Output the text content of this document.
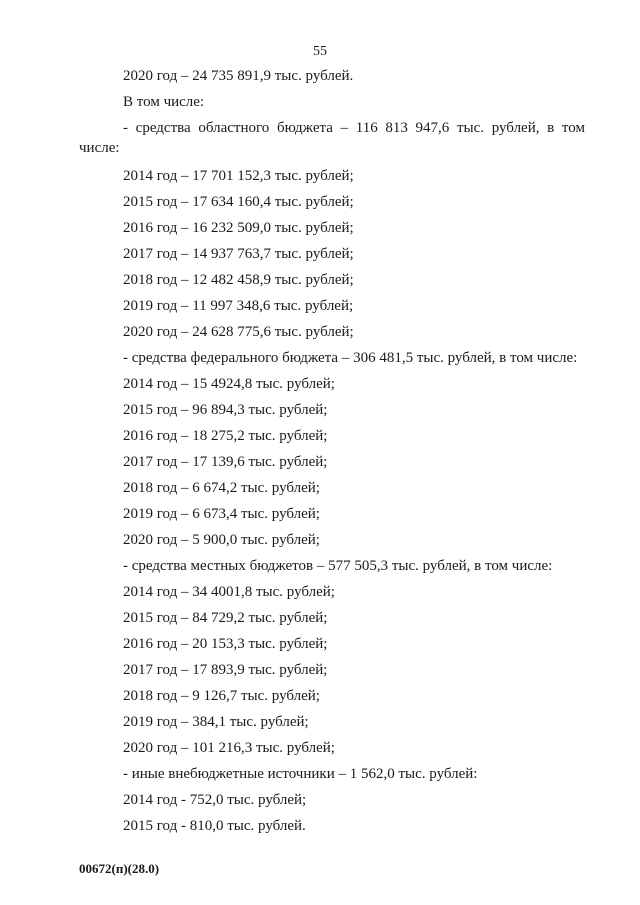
55
2020 год – 24 735 891,9 тыс. рублей.
В том числе:
- средства областного бюджета – 116 813 947,6 тыс. рублей, в том
числе:
2014 год – 17 701 152,3 тыс. рублей;
2015 год – 17 634 160,4 тыс. рублей;
2016 год – 16 232 509,0 тыс. рублей;
2017 год – 14 937 763,7 тыс. рублей;
2018 год – 12 482 458,9 тыс. рублей;
2019 год – 11 997 348,6 тыс. рублей;
2020 год – 24 628 775,6 тыс. рублей;
- средства федерального бюджета – 306 481,5 тыс. рублей, в том числе:
2014 год – 15 4924,8 тыс. рублей;
2015 год – 96 894,3 тыс. рублей;
2016 год – 18 275,2 тыс. рублей;
2017 год – 17 139,6 тыс. рублей;
2018 год – 6 674,2 тыс. рублей;
2019 год – 6 673,4 тыс. рублей;
2020 год – 5 900,0 тыс. рублей;
- средства местных бюджетов – 577 505,3 тыс. рублей, в том числе:
2014 год – 34 4001,8 тыс. рублей;
2015 год – 84 729,2 тыс. рублей;
2016 год – 20 153,3 тыс. рублей;
2017 год – 17 893,9 тыс. рублей;
2018 год – 9 126,7 тыс. рублей;
2019 год – 384,1 тыс. рублей;
2020 год – 101 216,3 тыс. рублей;
- иные внебюджетные источники – 1 562,0 тыс. рублей:
2014 год - 752,0 тыс. рублей;
2015 год - 810,0 тыс. рублей.
00672(п)(28.0)
